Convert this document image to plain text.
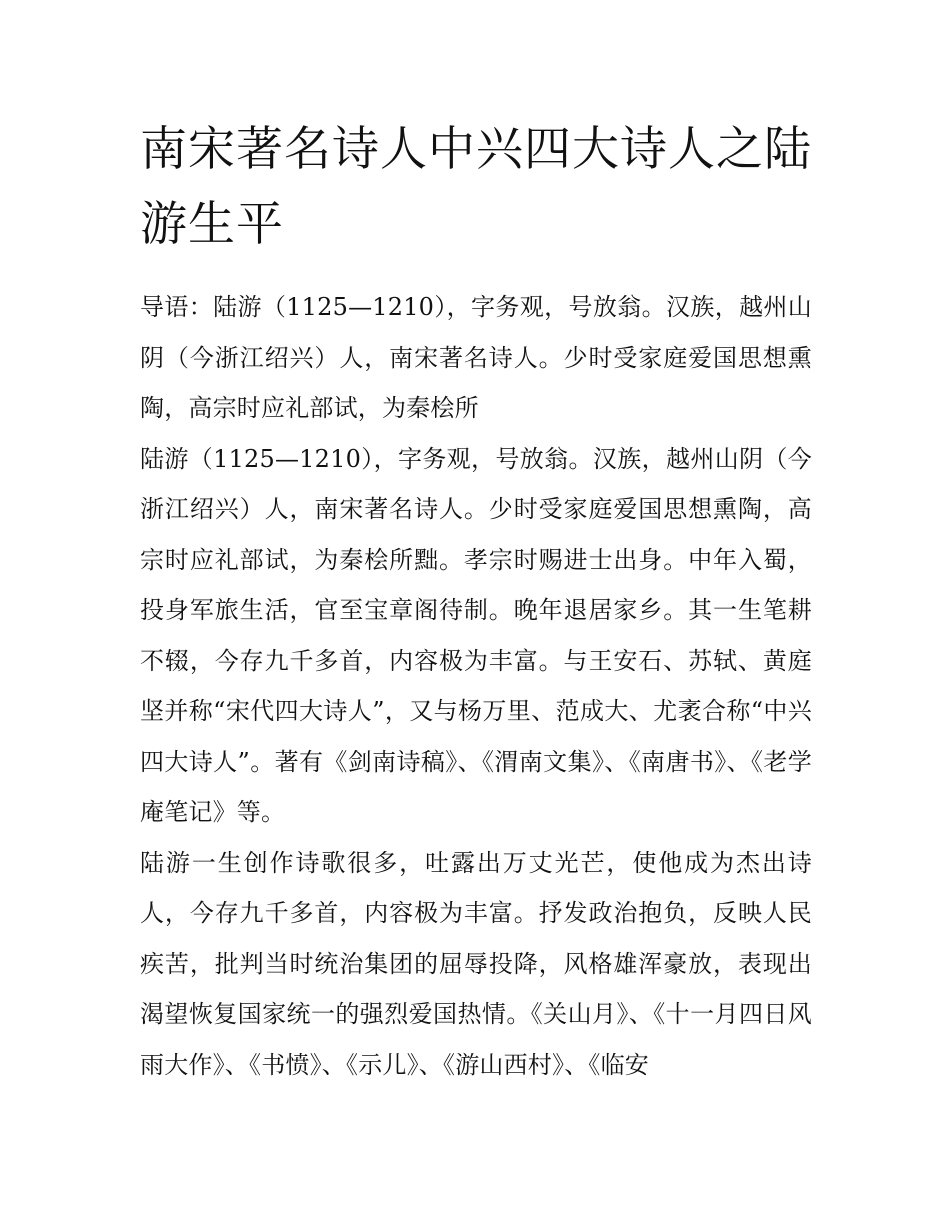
南宋著名诗人中兴四大诗人之陆游生平

导语：陆游（1125—1210），字务观，号放翁。汉族，越州山阴（今浙江绍兴）人，南宋著名诗人。少时受家庭爱国思想熏陶，高宗时应礼部试，为秦桧所

陆游（1125—1210），字务观，号放翁。汉族，越州山阴（今浙江绍兴）人，南宋著名诗人。少时受家庭爱国思想熏陶，高宗时应礼部试，为秦桧所黜。孝宗时赐进士出身。中年入蜀，投身军旅生活，官至宝章阁待制。晚年退居家乡。其一生笔耕不辍，今存九千多首，内容极为丰富。与王安石、苏轼、黄庭坚并称“宋代四大诗人”，又与杨万里、范成大、尤袤合称“中兴四大诗人”。著有《剑南诗稿》、《渭南文集》、《南唐书》、《老学庵笔记》等。

陆游一生创作诗歌很多，吐露出万丈光芒，使他成为杰出诗人，今存九千多首，内容极为丰富。抒发政治抱负，反映人民疾苦，批判当时统治集团的屈辱投降，风格雄浑豪放，表现出渴望恢复国家统一的强烈爱国热情。《关山月》、《十一月四日风雨大作》、《书愤》、《示儿》、《游山西村》、《临安
